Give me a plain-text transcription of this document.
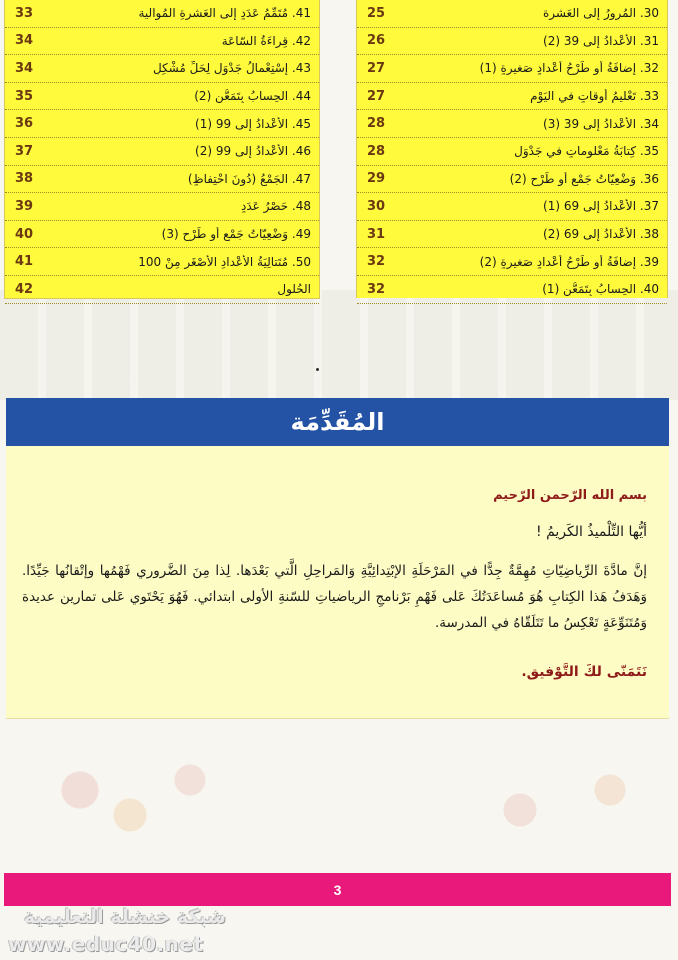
25	30. المُرورُ إلى العَشرة
26	31. الأعْدادُ إلى 39 (2)
27	32. إضافَةُ أو طَرْحُ أعْدادٍ صَغيرةٍ (1)
27	33. تَعْليمُ أوقاتٍ في اليَوْم
28	34. الأعْدادُ إلى 39 (3)
28	35. كِتابَةُ مَعْلوماتٍ في جَدْوَل
29	36. وَضْعِيّاتُ جَمْعٍ أو طَرْحٍ (2)
30	37. الأعْدادُ إلى 69 (1)
31	38. الأعْدادُ إلى 69 (2)
32	39. إضافَةُ أو طَرْحُ أعْدادٍ صَغيرةٍ (2)
32	40. الحِسابُ بِتَمَعُّنٍ (1)
33	41. مُتَمِّمُ عَدَدٍ إلى العَشرةِ المُوالية
34	42. قِراءَةُ السّاعَة
34	43. إسْتِعْمالُ جَدْوَلٍ لِحَلِّ مُشْكِلٍ
35	44. الحِسابُ بِتَمَعُّنٍ (2)
36	45. الأعْدادُ إلى 99 (1)
37	46. الأعْدادُ إلى 99 (2)
38	47. الجَمْعُ (دُونَ احْتِفاظٍ)
39	48. حَصْرُ عَدَدٍ
40	49. وَضْعِيّاتُ جَمْعٍ أو طَرْحٍ (3)
41	50. مُتَتالِيَةُ الأعْدادِ الأصْغَرِ مِنْ 100
42	الحُلول
المُقَدِّمَة

بسم الله الرّحمن الرّحيم

أيُّها التِّلْميذُ الكَريمُ !

إنَّ مادَّةَ الرِّياضِيّاتِ مُهِمَّةٌ جِدًّا في المَرْحَلَةِ الإبْتِدائِيَّةِ وَالمَراحِلِ الَّتي بَعْدَها. لِذا مِنَ الضَّروري فَهْمُها وإتْقانُها جَيِّدًا. وَهَدَفُ هَذا الكِتابِ هُوَ مُساعَدَتُكَ عَلى فَهْمِ بَرْنامجِ الرياضياتِ للسّنةِ الأولى ابتدائي. فَهُوَ يَحْتَوي عَلى تمارين عديدة وَمُتَنَوِّعَةٍ تَعْكِسُ ما تَتَلَقّاهُ في المدرسة.

نَتَمَنّى لكَ التَّوْفيق.

3
شبكة خنشلة التعليمية
www.educ40.net
